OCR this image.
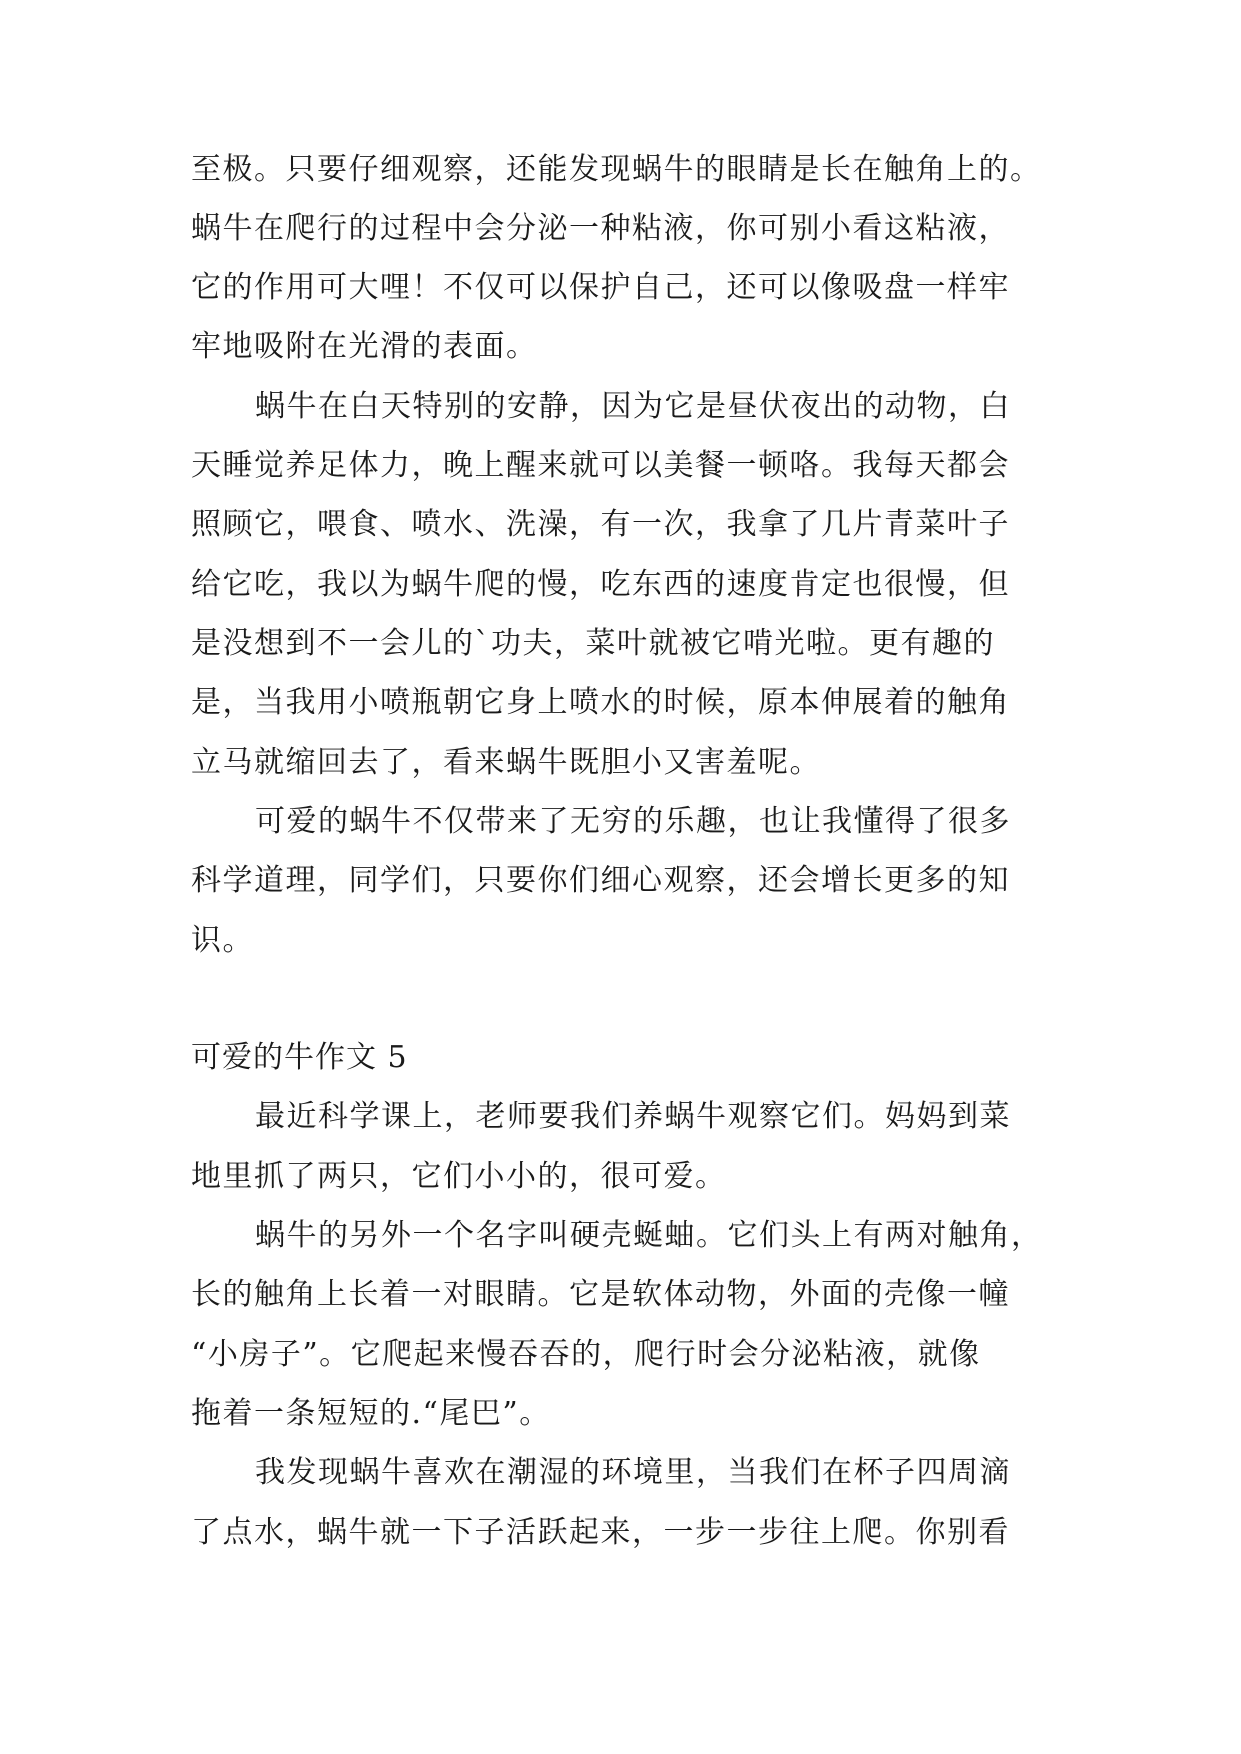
至极。只要仔细观察，还能发现蜗牛的眼睛是长在触角上的。
蜗牛在爬行的过程中会分泌一种粘液，你可别小看这粘液，
它的作用可大哩！不仅可以保护自己，还可以像吸盘一样牢
牢地吸附在光滑的表面。
蜗牛在白天特别的安静，因为它是昼伏夜出的动物，白
天睡觉养足体力，晚上醒来就可以美餐一顿咯。我每天都会
照顾它，喂食、喷水、洗澡，有一次，我拿了几片青菜叶子
给它吃，我以为蜗牛爬的慢，吃东西的速度肯定也很慢，但
是没想到不一会儿的`功夫，菜叶就被它啃光啦。更有趣的
是，当我用小喷瓶朝它身上喷水的时候，原本伸展着的触角
立马就缩回去了，看来蜗牛既胆小又害羞呢。
可爱的蜗牛不仅带来了无穷的乐趣，也让我懂得了很多
科学道理，同学们，只要你们细心观察，还会增长更多的知
识。
可爱的牛作文 5
最近科学课上，老师要我们养蜗牛观察它们。妈妈到菜
地里抓了两只，它们小小的，很可爱。
蜗牛的另外一个名字叫硬壳蜒蚰。它们头上有两对触角，
长的触角上长着一对眼睛。它是软体动物，外面的壳像一幢
“小房子”。它爬起来慢吞吞的，爬行时会分泌粘液，就像
拖着一条短短的.“尾巴”。
我发现蜗牛喜欢在潮湿的环境里，当我们在杯子四周滴
了点水，蜗牛就一下子活跃起来，一步一步往上爬。你别看
